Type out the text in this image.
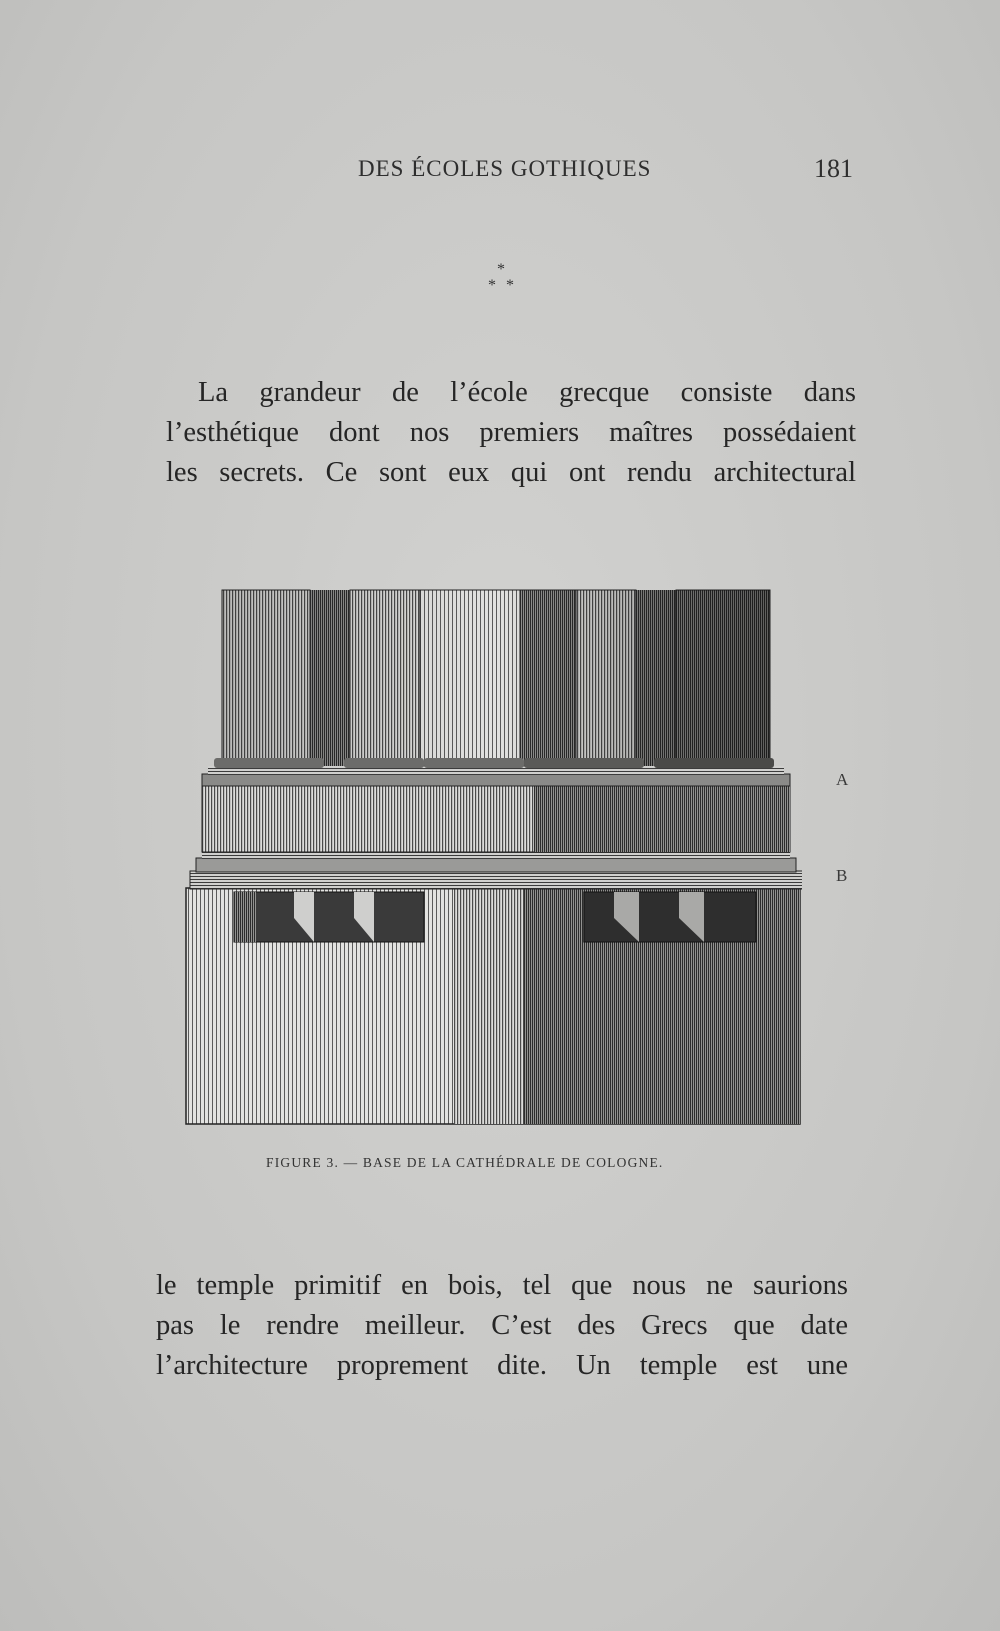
DES ÉCOLES GOTHIQUES	181
*
* *
La grandeur de l’école grecque consiste dans
l’esthétique dont nos premiers maîtres possédaient
les secrets. Ce sont eux qui ont rendu architectural
A
B
FIGURE 3. — BASE DE LA CATHÉDRALE DE COLOGNE.
le temple primitif en bois, tel que nous ne saurions
pas le rendre meilleur. C’est des Grecs que date
l’architecture proprement dite. Un temple est une
